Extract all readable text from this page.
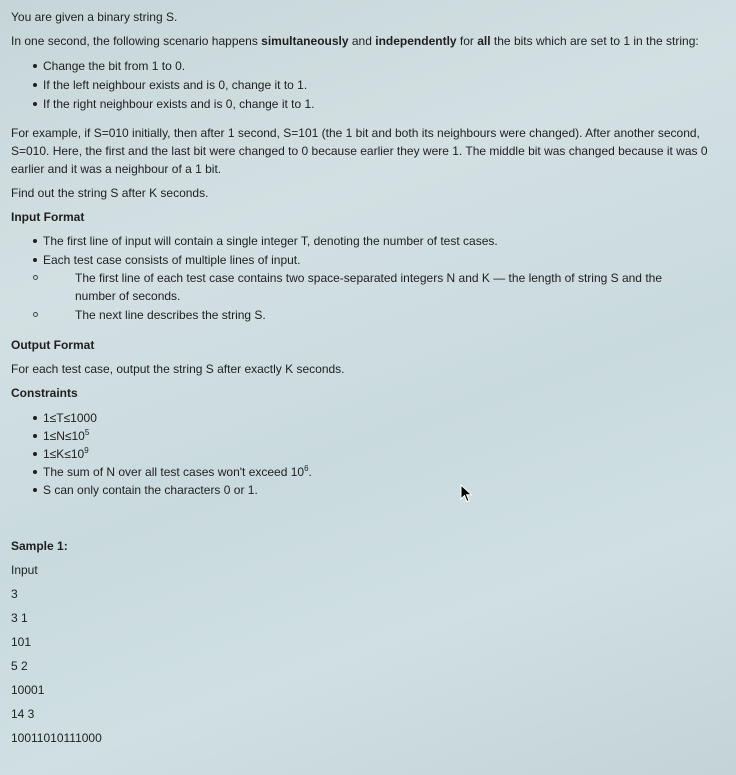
You are given a binary string S.

In one second, the following scenario happens simultaneously and independently for all the bits which are set to 1 in the string:

Change the bit from 1 to 0.
If the left neighbour exists and is 0, change it to 1.
If the right neighbour exists and is 0, change it to 1.

For example, if S=010 initially, then after 1 second, S=101 (the 1 bit and both its neighbours were changed). After another second, S=010. Here, the first and the last bit were changed to 0 because earlier they were 1. The middle bit was changed because it was 0 earlier and it was a neighbour of a 1 bit.

Find out the string S after K seconds.

Input Format

The first line of input will contain a single integer T, denoting the number of test cases.
Each test case consists of multiple lines of input.
The first line of each test case contains two space-separated integers N and K — the length of string S and the number of seconds.
The next line describes the string S.

Output Format

For each test case, output the string S after exactly K seconds.

Constraints

1≤T≤1000
$1\le N\le 10^5$
$1\le K\le 10^9$
The sum of N over all test cases won't exceed $10^6$.
S can only contain the characters 0 or 1.

Sample 1:

Input
3
3 1
101
5 2
10001
14 3
10011010111000
